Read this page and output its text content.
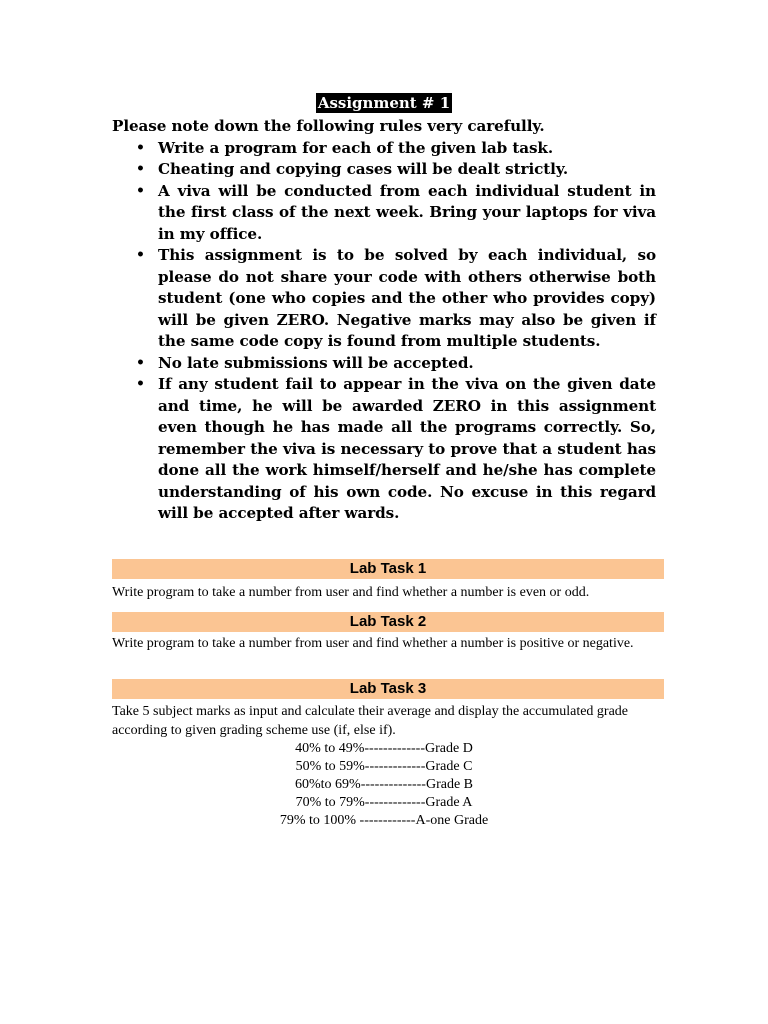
Assignment # 1

Please note down the following rules very carefully.

• Write a program for each of the given lab task.
• Cheating and copying cases will be dealt strictly.
• A viva will be conducted from each individual student in the first class of the next week. Bring your laptops for viva in my office.
• This assignment is to be solved by each individual, so please do not share your code with others otherwise both student (one who copies and the other who provides copy) will be given ZERO. Negative marks may also be given if the same code copy is found from multiple students.
• No late submissions will be accepted.
• If any student fail to appear in the viva on the given date and time, he will be awarded ZERO in this assignment even though he has made all the programs correctly. So, remember the viva is necessary to prove that a student has done all the work himself/herself and he/she has complete understanding of his own code. No excuse in this regard will be accepted after wards.
Lab Task 1

Write program to take a number from user and find whether a number is even or odd.

Lab Task 2

Write program to take a number from user and find whether a number is positive or negative.

Lab Task 3

Take 5 subject marks as input and calculate their average and display the accumulated grade according to given grading scheme use (if, else if).

40% to 49%-------------Grade D
50% to 59%-------------Grade C
60%to 69%--------------Grade B
70% to 79%-------------Grade A
79% to 100% ------------A-one Grade
